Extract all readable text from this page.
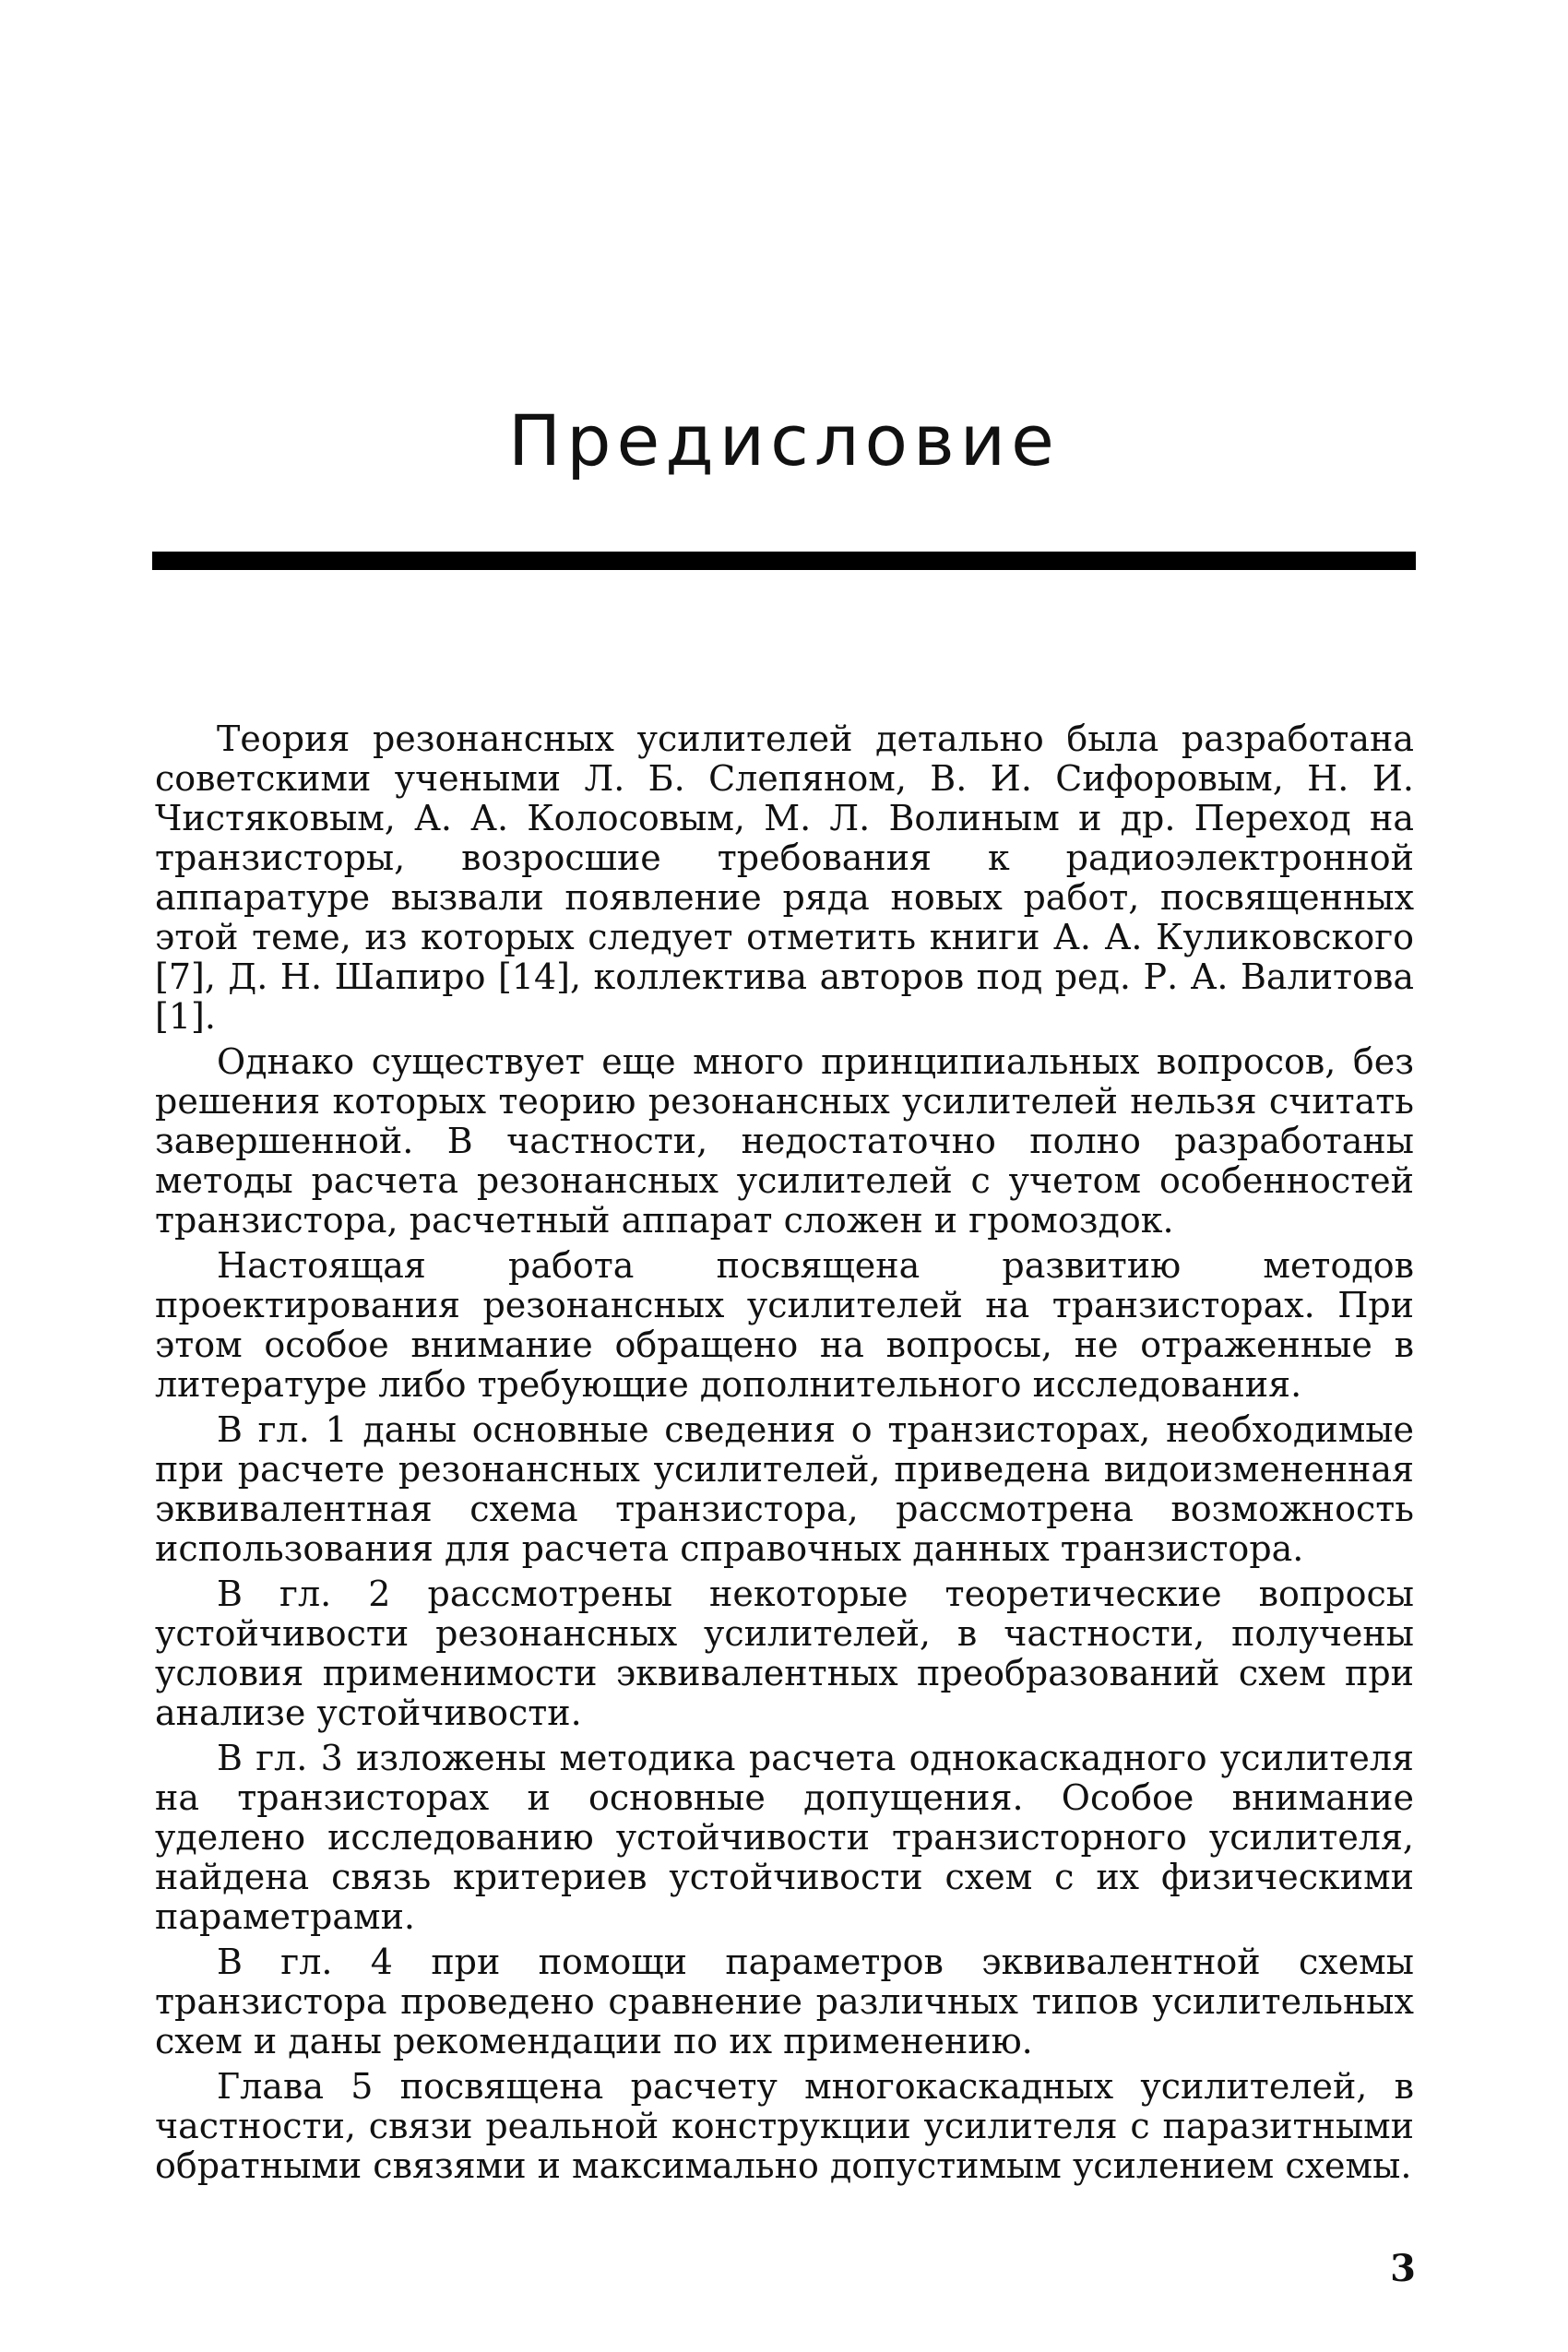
Предисловие

Теория резонансных усилителей детально была разработана советскими учеными Л. Б. Слепяном, В. И. Сифоровым, Н. И. Чистяковым, А. А. Колосовым, М. Л. Волиным и др. Переход на транзисторы, возросшие требования к радиоэлектронной аппаратуре вызвали появление ряда новых работ, посвященных этой теме, из которых следует отметить книги А. А. Куликовского [7], Д. Н. Шапиро [14], коллектива авторов под ред. Р. А. Валитова [1].

Однако существует еще много принципиальных вопросов, без решения которых теорию резонансных усилителей нельзя считать завершенной. В частности, недостаточно полно разработаны методы расчета резонансных усилителей с учетом особенностей транзистора, расчетный аппарат сложен и громоздок.

Настоящая работа посвящена развитию методов проектирования резонансных усилителей на транзисторах. При этом особое внимание обращено на вопросы, не отраженные в литературе либо требующие дополнительного исследования.

В гл. 1 даны основные сведения о транзисторах, необходимые при расчете резонансных усилителей, приведена видоизмененная эквивалентная схема транзистора, рассмотрена возможность использования для расчета справочных данных транзистора.

В гл. 2 рассмотрены некоторые теоретические вопросы устойчивости резонансных усилителей, в частности, получены условия применимости эквивалентных преобразований схем при анализе устойчивости.

В гл. 3 изложены методика расчета однокаскадного усилителя на транзисторах и основные допущения. Особое внимание уделено исследованию устойчивости транзисторного усилителя, найдена связь критериев устойчивости схем с их физическими параметрами.

В гл. 4 при помощи параметров эквивалентной схемы транзистора проведено сравнение различных типов усилительных схем и даны рекомендации по их применению.

Глава 5 посвящена расчету многокаскадных усилителей, в частности, связи реальной конструкции усилителя с паразитными обратными связями и максимально допустимым усилением схемы.

3
